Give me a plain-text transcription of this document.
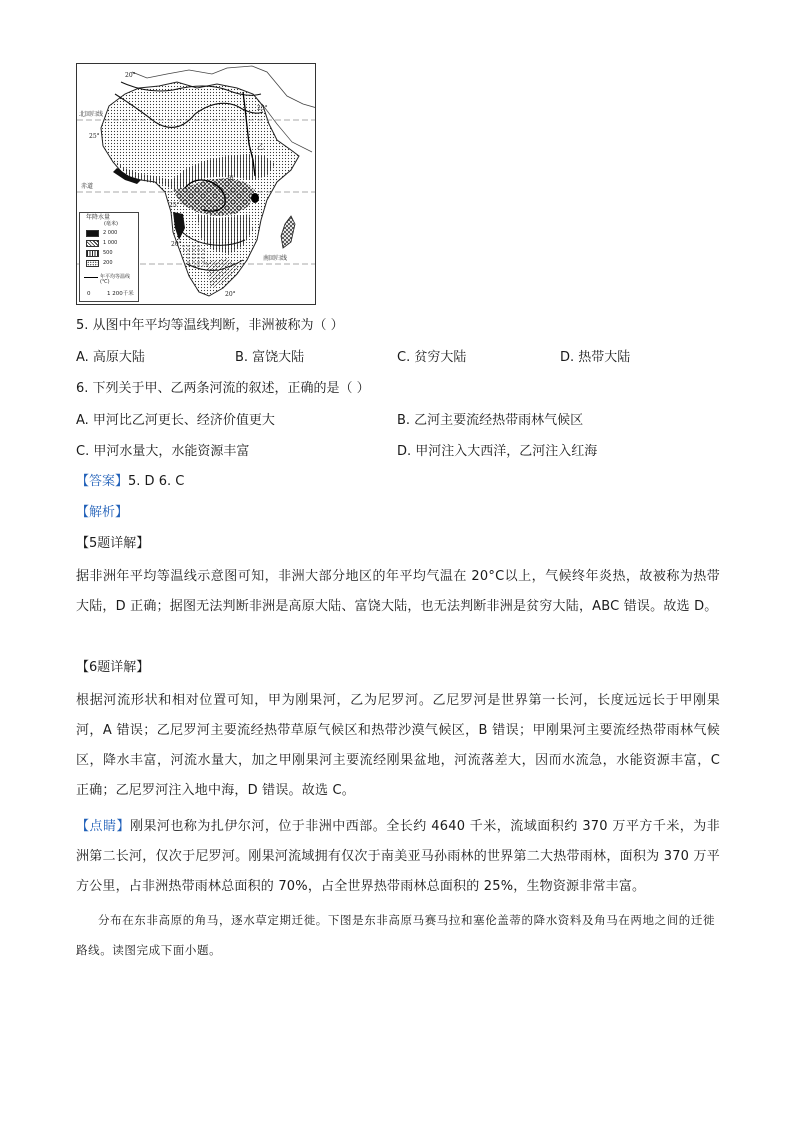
20°
25°
北回归线
25°
赤道
25°
20°
南回归线
20°
甲
乙
年降水量
(毫米)
2 000
1 000
500
200
年平均等温线(℃)
0	1 200千米
5. 从图中年平均等温线判断，非洲被称为（ ）
A. 高原大陆	B. 富饶大陆	C. 贫穷大陆	D. 热带大陆
6. 下列关于甲、乙两条河流的叙述，正确的是（ ）
A. 甲河比乙河更长、经济价值更大	B. 乙河主要流经热带雨林气候区
C. 甲河水量大，水能资源丰富	D. 甲河注入大西洋，乙河注入红海
【答案】5. D 6. C
【解析】
【5题详解】
据非洲年平均等温线示意图可知，非洲大部分地区的年平均气温在 20°C以上，气候终年炎热，故被称为热带大陆，D 正确；据图无法判断非洲是高原大陆、富饶大陆，也无法判断非洲是贫穷大陆，ABC 错误。故选 D。
【6题详解】
根据河流形状和相对位置可知，甲为刚果河，乙为尼罗河。乙尼罗河是世界第一长河，长度远远长于甲刚果河，A 错误；乙尼罗河主要流经热带草原气候区和热带沙漠气候区，B 错误；甲刚果河主要流经热带雨林气候区，降水丰富，河流水量大，加之甲刚果河主要流经刚果盆地，河流落差大，因而水流急，水能资源丰富，C 正确；乙尼罗河注入地中海，D 错误。故选 C。
【点睛】刚果河也称为扎伊尔河，位于非洲中西部。全长约 4640 千米，流域面积约 370 万平方千米，为非洲第二长河，仅次于尼罗河。刚果河流域拥有仅次于南美亚马孙雨林的世界第二大热带雨林，面积为 370 万平方公里，占非洲热带雨林总面积的 70%，占全世界热带雨林总面积的 25%，生物资源非常丰富。
分布在东非高原的角马，逐水草定期迁徙。下图是东非高原马赛马拉和塞伦盖蒂的降水资料及角马在两地之间的迁徙路线。读图完成下面小题。
